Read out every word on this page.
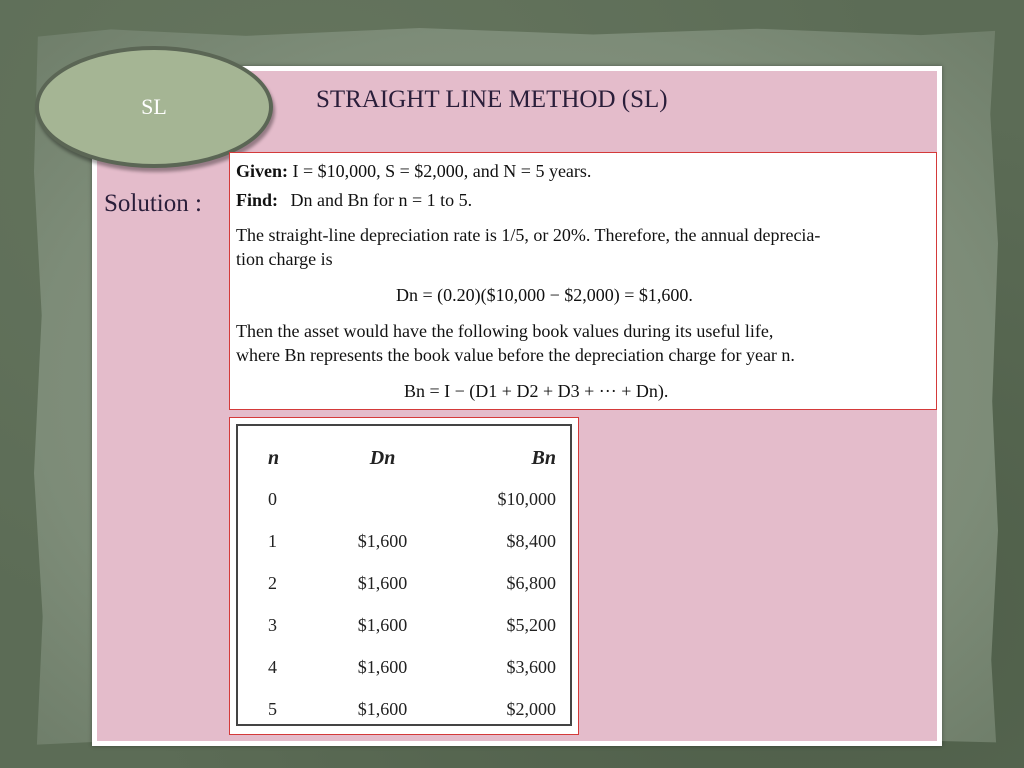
SL	STRAIGHT LINE METHOD (SL)
Solution :
Given: I = $10,000, S = $2,000, and N = 5 years.
Find: Dn and Bn for n = 1 to 5.
The straight-line depreciation rate is 1/5, or 20%. Therefore, the annual deprecia-
tion charge is
Dn = (0.20)($10,000 − $2,000) = $1,600.
Then the asset would have the following book values during its useful life,
where Bn represents the book value before the depreciation charge for year n.
Bn = I − (D1 + D2 + D3 + ··· + Dn).
n	Dn	Bn
0		$10,000
1	$1,600	$8,400
2	$1,600	$6,800
3	$1,600	$5,200
4	$1,600	$3,600
5	$1,600	$2,000
